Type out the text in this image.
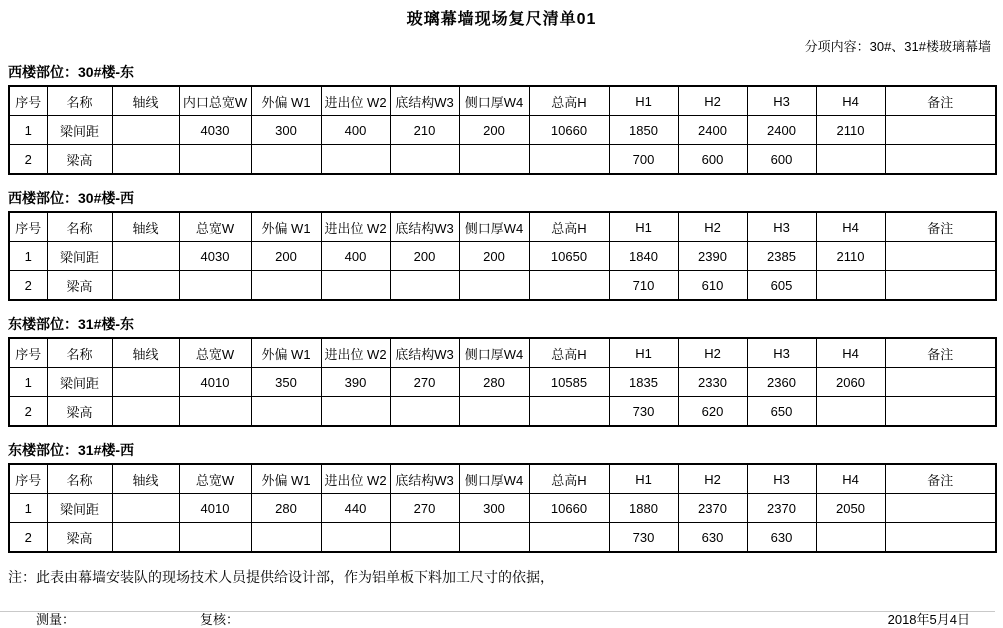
玻璃幕墙现场复尺清单01
分项内容：30#、31#楼玻璃幕墙
西楼部位：30#楼-东
序号	名称	轴线	内口总宽W	外偏 W1	进出位 W2	底结构W3	侧口厚W4	总高H	H1	H2	H3	H4	备注
1	梁间距		4030	300	400	210	200	10660	1850	2400	2400	2110	
2	梁高								700	600	600		
西楼部位：30#楼-西
序号	名称	轴线	总宽W	外偏 W1	进出位 W2	底结构W3	侧口厚W4	总高H	H1	H2	H3	H4	备注
1	梁间距		4030	200	400	200	200	10650	1840	2390	2385	2110	
2	梁高								710	610	605		
东楼部位：31#楼-东
序号	名称	轴线	总宽W	外偏 W1	进出位 W2	底结构W3	侧口厚W4	总高H	H1	H2	H3	H4	备注
1	梁间距		4010	350	390	270	280	10585	1835	2330	2360	2060	
2	梁高								730	620	650		
东楼部位：31#楼-西
序号	名称	轴线	总宽W	外偏 W1	进出位 W2	底结构W3	侧口厚W4	总高H	H1	H2	H3	H4	备注
1	梁间距		4010	280	440	270	300	10660	1880	2370	2370	2050	
2	梁高								730	630	630		
注：此表由幕墙安装队的现场技术人员提供给设计部，作为铝单板下料加工尺寸的依据，
测量：	复核：	2018年5月4日
